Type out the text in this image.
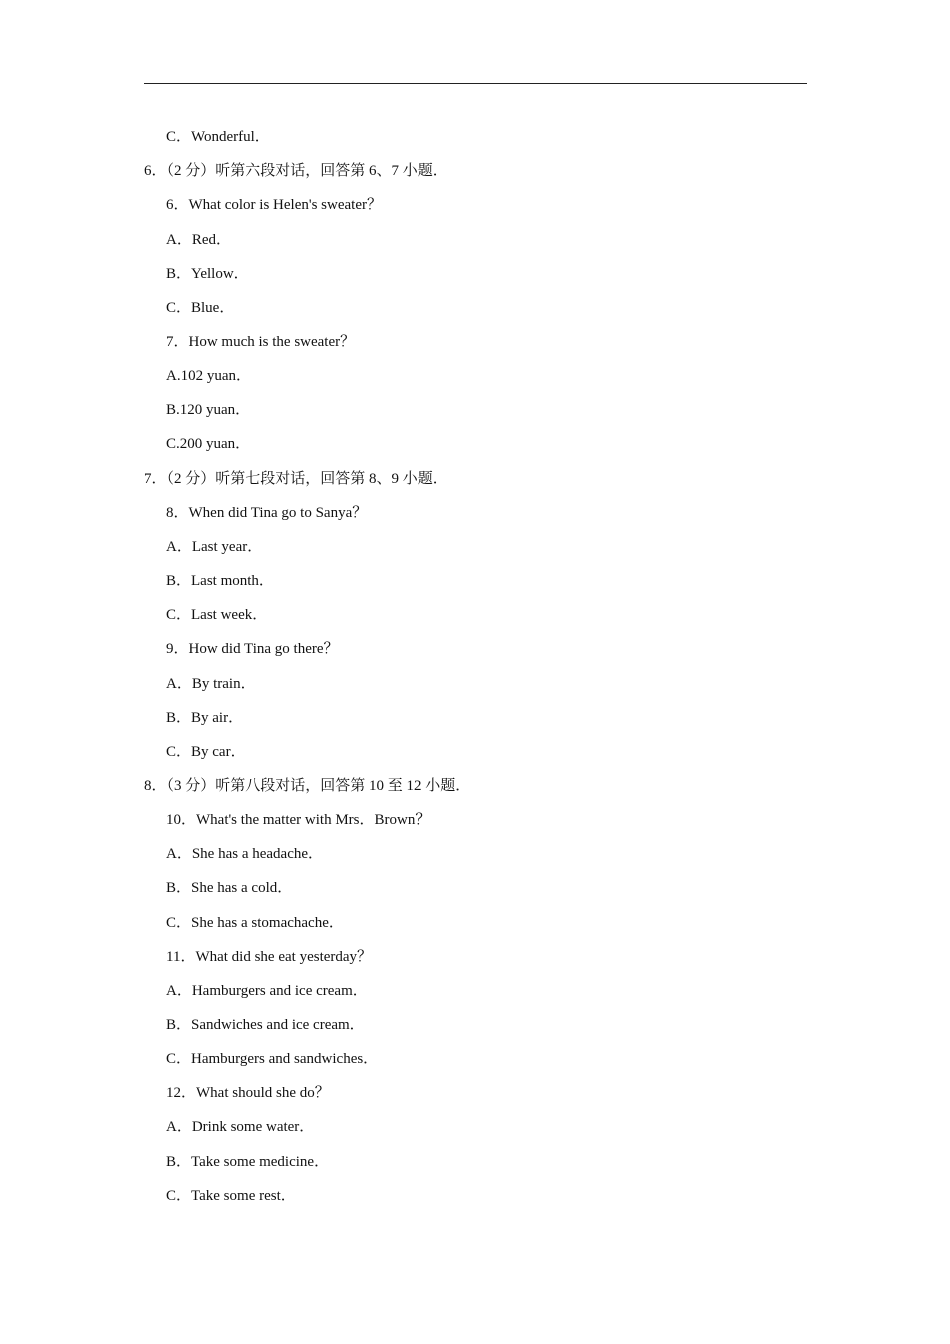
C．Wonderful．
6．（2 分）听第六段对话，回答第 6、7 小题．
6．What color is Helen's sweater？
A．Red．
B．Yellow．
C．Blue．
7．How much is the sweater？
A.102 yuan．
B.120 yuan．
C.200 yuan．
7．（2 分）听第七段对话，回答第 8、9 小题．
8．When did Tina go to Sanya？
A．Last year．
B．Last month．
C．Last week．
9．How did Tina go there？
A．By train．
B．By air．
C．By car．
8．（3 分）听第八段对话，回答第 10 至 12 小题．
10．What's the matter with Mrs．Brown？
A．She has a headache．
B．She has a cold．
C．She has a stomachache．
11．What did she eat yesterday？
A．Hamburgers and ice cream．
B．Sandwiches and ice cream．
C．Hamburgers and sandwiches．
12．What should she do？
A．Drink some water．
B．Take some medicine．
C．Take some rest．
